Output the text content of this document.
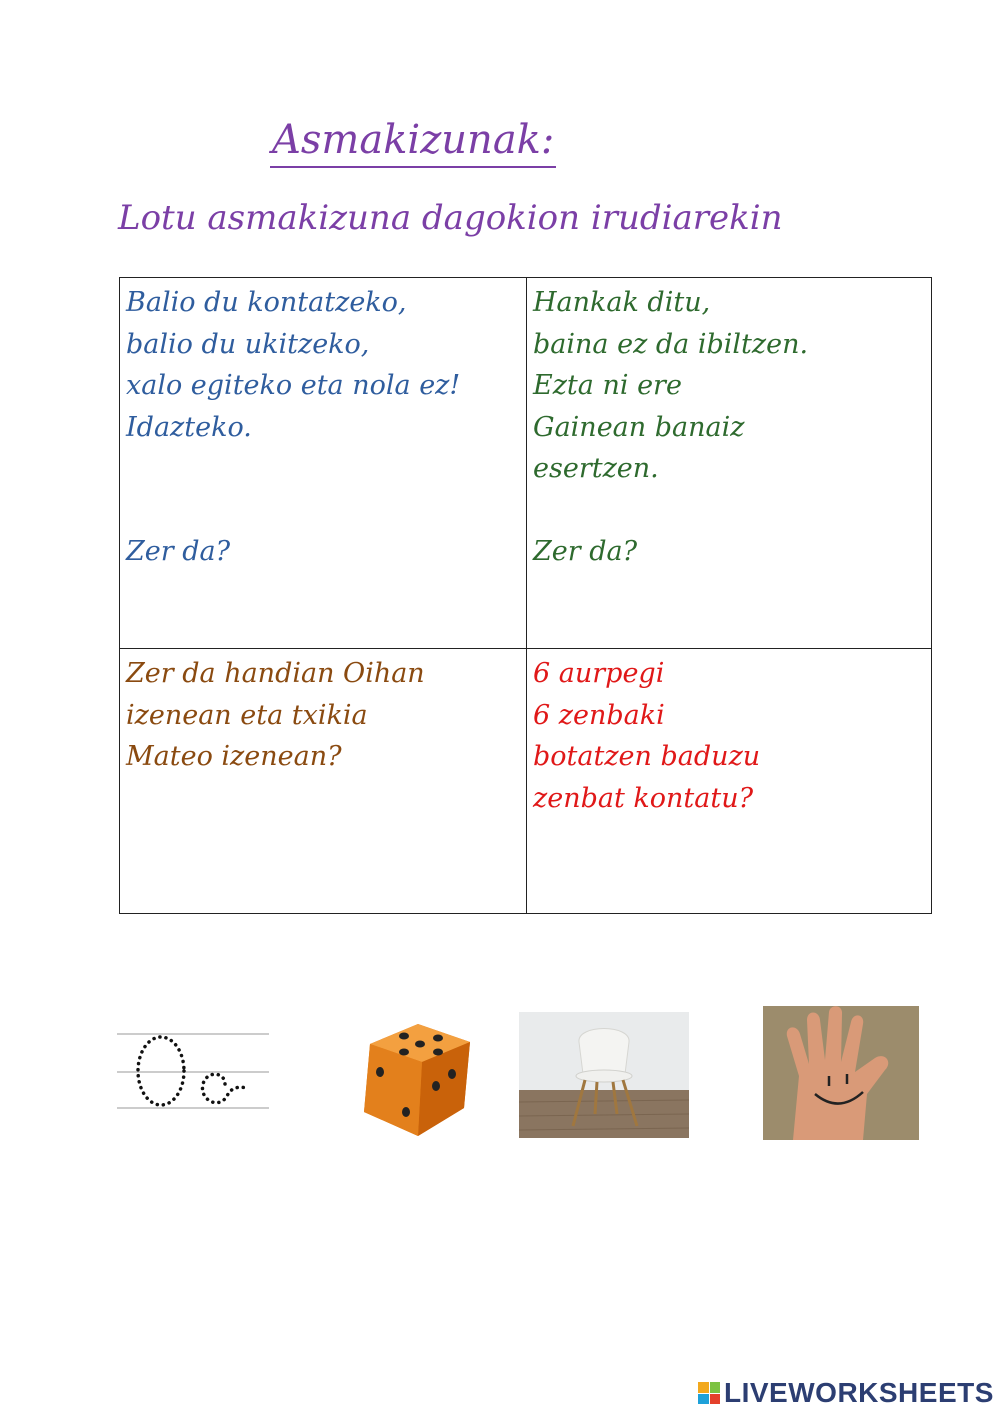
Asmakizunak:
Lotu asmakizuna dagokion irudiarekin
Balio du kontatzeko,
balio du ukitzeko,
xalo egiteko eta nola ez!
Idazteko.
Zer da?
Hankak ditu,
baina ez da ibiltzen.
Ezta ni ere
Gainean banaiz
esertzen.
Zer da?
Zer da handian Oihan
izenean eta txikia
Mateo izenean?
6 aurpegi
6 zenbaki
botatzen baduzu
zenbat kontatu?
LIVEWORKSHEETS
